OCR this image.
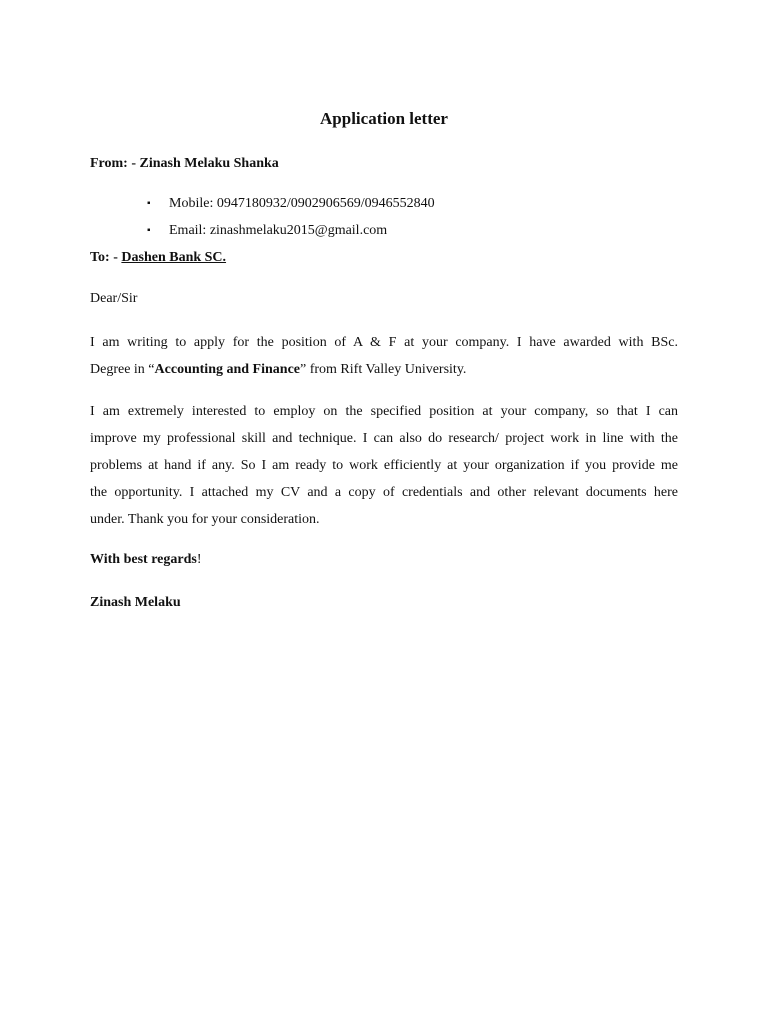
Application letter
From: - Zinash Melaku Shanka
▪ Mobile: 0947180932/0902906569/0946552840
▪ Email: zinashmelaku2015@gmail.com
To: - Dashen Bank SC.
Dear/Sir
I am writing to apply for the position of A & F at your company. I have awarded with BSc.
Degree in “Accounting and Finance” from Rift Valley University.
I am extremely interested to employ on the specified position at your company, so that I can
improve my professional skill and technique. I can also do research/ project work in line with the
problems at hand if any. So I am ready to work efficiently at your organization if you provide me
the opportunity. I attached my CV and a copy of credentials and other relevant documents here
under. Thank you for your consideration.
With best regards!
Zinash Melaku
